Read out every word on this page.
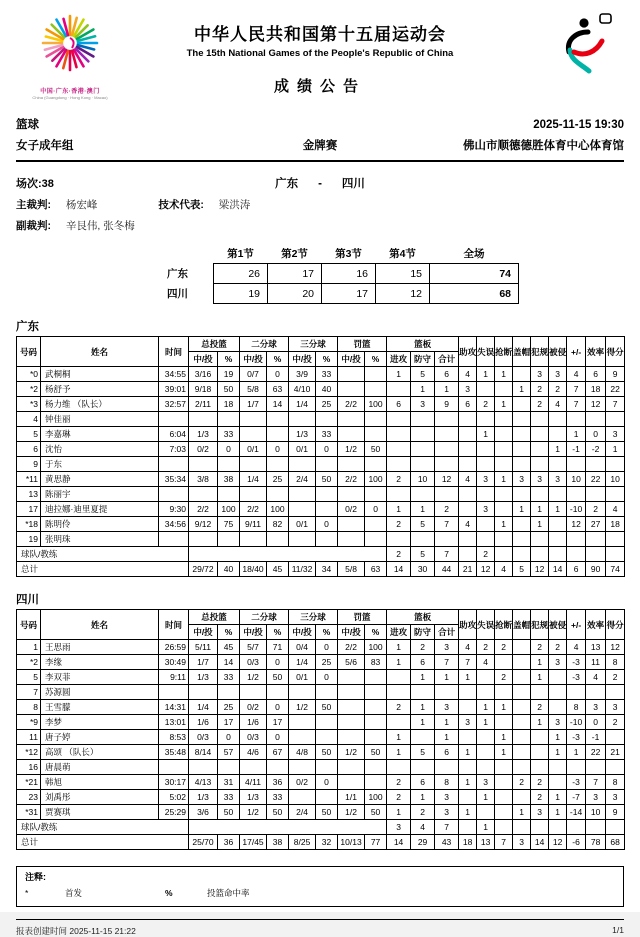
中国·广东·香港·澳门
China (Guangdong · Hong Kong · Macao)
中华人民共和国第十五届运动会
The 15th National Games of the People's Republic of China
成绩公告
篮球	2025-11-15 19:30
女子成年组	金牌赛	佛山市顺德德胜体育中心体育馆
场次:38	广东 - 四川
主裁判: 杨宏峰	技术代表: 梁洪涛
副裁判: 辛艮伟, 张冬梅
	第1节	第2节	第3节	第4节	全场
广东	26	17	16	15	74
四川	19	20	17	12	68
广东
号码	姓名	时间	总投篮		二分球		三分球		罚篮		篮板			助攻	失误	抢断	盖帽	犯规	被侵	+/-	效率	得分
			中/投	%	中/投	%	中/投	%	中/投	%	进攻	防守	合计									
*0	武桐桐	34:55	3/16	19	0/7	0	3/9	33			1	5	6	4	1	1		3	3	4	6	9
*2	杨舒予	39:01	9/18	50	5/8	63	4/10	40				1	1	3			1	2	2	7	18	22
*3	杨力维 （队长）	32:57	2/11	18	1/7	14	1/4	25	2/2	100	6	3	9	6	2	1		2	4	7	12	7
4	钟佳丽																					
5	李嘉琳	6:04	1/3	33			1/3	33							1					1	0	3
6	沈怡	7:03	0/2	0	0/1	0	0/1	0	1/2	50									1	-1	-2	1
9	于东																					
*11	黄思静	35:34	3/8	38	1/4	25	2/4	50	2/2	100	2	10	12	4	3	1	3	3	3	10	22	10
13	陈丽宇																					
17	迪拉娜·迪里夏提	9:30	2/2	100	2/2	100			0/2	0	1	1	2		3		1	1	1	-10	2	4
*18	陈明伶	34:56	9/12	75	9/11	82	0/1	0			2	5	7	4		1		1		12	27	18
19	张明珠																					
球队/教练											2	5	7		2							
总计			29/72	40	18/40	45	11/32	34	5/8	63	14	30	44	21	12	4	5	12	14	6	90	74
四川
号码	姓名	时间	总投篮		二分球		三分球		罚篮		篮板			助攻	失误	抢断	盖帽	犯规	被侵	+/-	效率	得分
			中/投	%	中/投	%	中/投	%	中/投	%	进攻	防守	合计									
1	王思雨	26:59	5/11	45	5/7	71	0/4	0	2/2	100	1	2	3	4	2	2		2	2	4	13	12
*2	李缘	30:49	1/7	14	0/3	0	1/4	25	5/6	83	1	6	7	7	4			1	3	-3	11	8
5	李双菲	9:11	1/3	33	1/2	50	0/1	0				1	1	1		2		1		-3	4	2
7	苏源圆																					
8	王雪朦	14:31	1/4	25	0/2	0	1/2	50			2	1	3		1	1		2		8	3	3
*9	李梦	13:01	1/6	17	1/6	17						1	1	3	1			1	3	-10	0	2
11	唐子婷	8:53	0/3	0	0/3	0					1		1			1			1	-3	-1	
*12	高颂 （队长）	35:48	8/14	57	4/6	67	4/8	50	1/2	50	1	5	6	1		1			1	1	22	21
16	唐晨萌																					
*21	韩旭	30:17	4/13	31	4/11	36	0/2	0			2	6	8	1	3		2	2		-3	7	8
23	刘禹彤	5:02	1/3	33	1/3	33			1/1	100	2	1	3		1			2	1	-7	3	3
*31	贾赛琪	25:29	3/6	50	1/2	50	2/4	50	1/2	50	1	2	3	1			1	3	1	-14	10	9
球队/教练											3	4	7		1							
总计			25/70	36	17/45	38	8/25	32	10/13	77	14	29	43	18	13	7	3	14	12	-6	78	68
注释:
*	首发	%	投篮命中率
报表创建时间 2025-11-15 21:22	1/1
